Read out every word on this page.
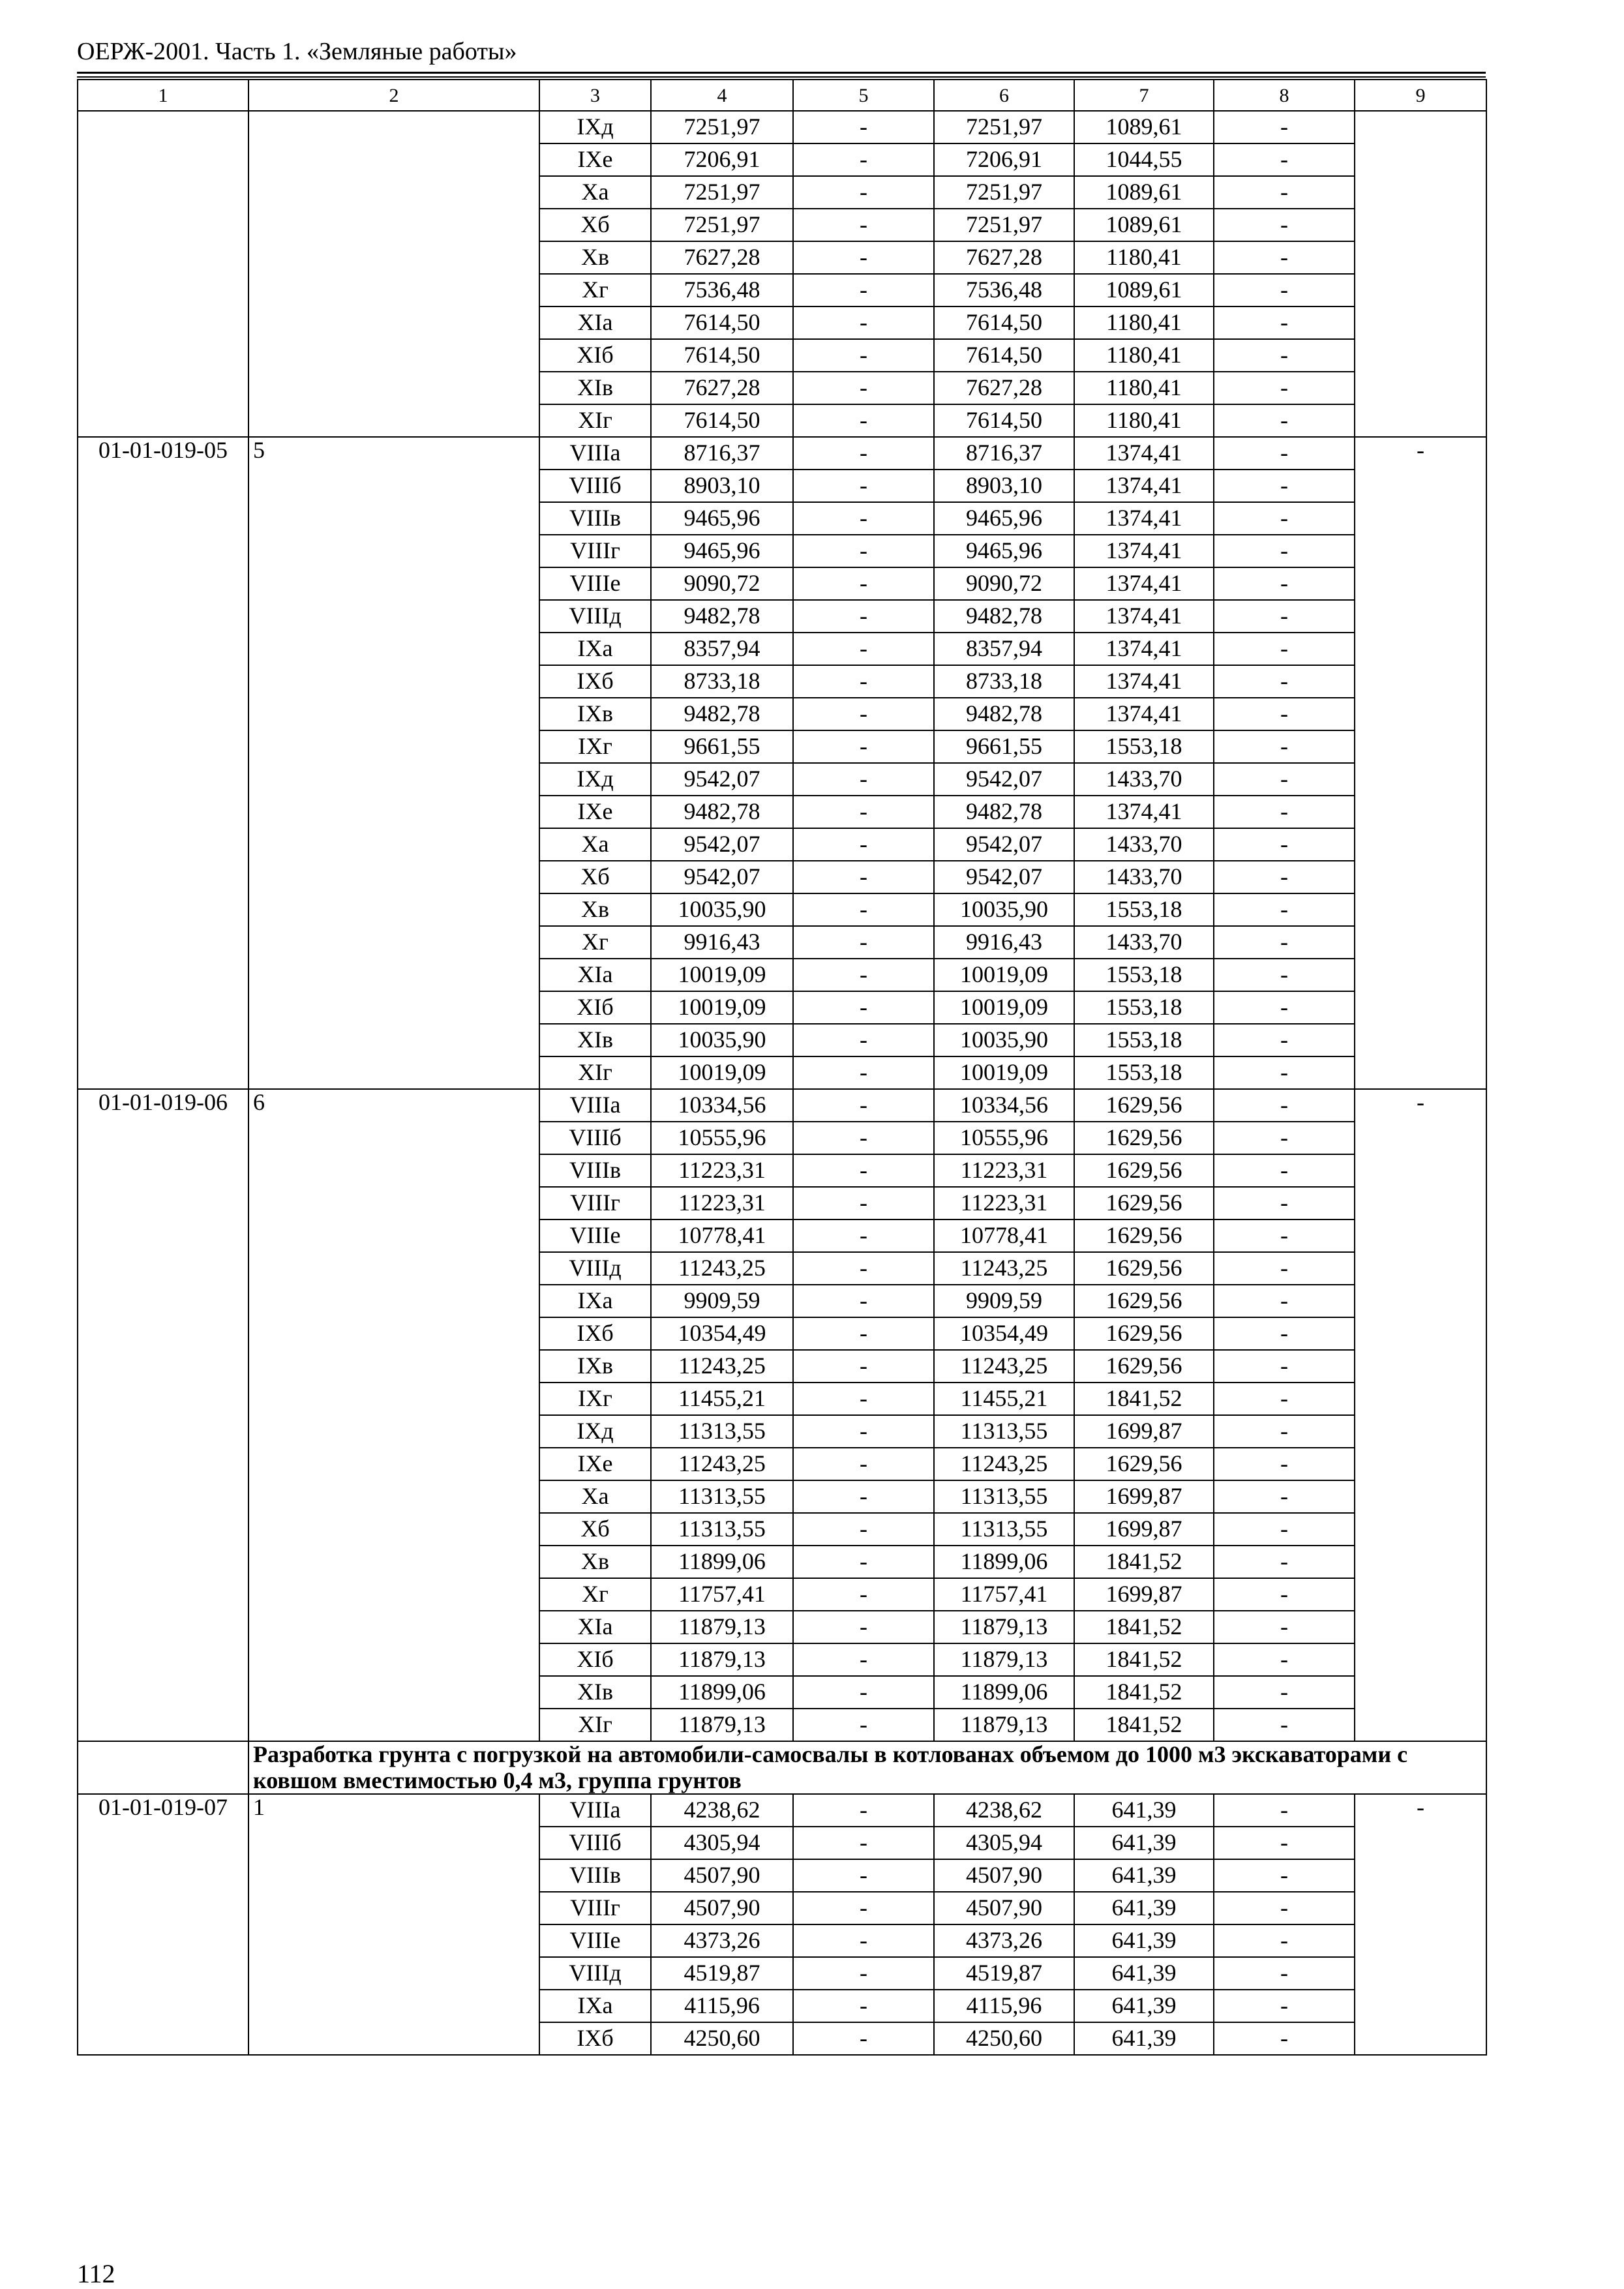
ОЕРЖ-2001. Часть 1. «Земляные работы»
1	2	3	4	5	6	7	8	9
		IXд	7251,97	-	7251,97	1089,61	-	
		IXе	7206,91	-	7206,91	1044,55	-	
		Xа	7251,97	-	7251,97	1089,61	-	
		Xб	7251,97	-	7251,97	1089,61	-	
		Xв	7627,28	-	7627,28	1180,41	-	
		Xг	7536,48	-	7536,48	1089,61	-	
		XIа	7614,50	-	7614,50	1180,41	-	
		XIб	7614,50	-	7614,50	1180,41	-	
		XIв	7627,28	-	7627,28	1180,41	-	
		XIг	7614,50	-	7614,50	1180,41	-	
01-01-019-05	5	VIIIа	8716,37	-	8716,37	1374,41	-	-
		VIIIб	8903,10	-	8903,10	1374,41	-	
		VIIIв	9465,96	-	9465,96	1374,41	-	
		VIIIг	9465,96	-	9465,96	1374,41	-	
		VIIIе	9090,72	-	9090,72	1374,41	-	
		VIIIд	9482,78	-	9482,78	1374,41	-	
		IXа	8357,94	-	8357,94	1374,41	-	
		IXб	8733,18	-	8733,18	1374,41	-	
		IXв	9482,78	-	9482,78	1374,41	-	
		IXг	9661,55	-	9661,55	1553,18	-	
		IXд	9542,07	-	9542,07	1433,70	-	
		IXе	9482,78	-	9482,78	1374,41	-	
		Xа	9542,07	-	9542,07	1433,70	-	
		Xб	9542,07	-	9542,07	1433,70	-	
		Xв	10035,90	-	10035,90	1553,18	-	
		Xг	9916,43	-	9916,43	1433,70	-	
		XIа	10019,09	-	10019,09	1553,18	-	
		XIб	10019,09	-	10019,09	1553,18	-	
		XIв	10035,90	-	10035,90	1553,18	-	
		XIг	10019,09	-	10019,09	1553,18	-	
01-01-019-06	6	VIIIа	10334,56	-	10334,56	1629,56	-	-
		VIIIб	10555,96	-	10555,96	1629,56	-	
		VIIIв	11223,31	-	11223,31	1629,56	-	
		VIIIг	11223,31	-	11223,31	1629,56	-	
		VIIIе	10778,41	-	10778,41	1629,56	-	
		VIIIд	11243,25	-	11243,25	1629,56	-	
		IXа	9909,59	-	9909,59	1629,56	-	
		IXб	10354,49	-	10354,49	1629,56	-	
		IXв	11243,25	-	11243,25	1629,56	-	
		IXг	11455,21	-	11455,21	1841,52	-	
		IXд	11313,55	-	11313,55	1699,87	-	
		IXе	11243,25	-	11243,25	1629,56	-	
		Xа	11313,55	-	11313,55	1699,87	-	
		Xб	11313,55	-	11313,55	1699,87	-	
		Xв	11899,06	-	11899,06	1841,52	-	
		Xг	11757,41	-	11757,41	1699,87	-	
		XIа	11879,13	-	11879,13	1841,52	-	
		XIб	11879,13	-	11879,13	1841,52	-	
		XIв	11899,06	-	11899,06	1841,52	-	
		XIг	11879,13	-	11879,13	1841,52	-	
	Разработка грунта с погрузкой на автомобили-самосвалы в котлованах объемом до 1000 м3 экскаваторами с ковшом вместимостью 0,4 м3, группа грунтов							
01-01-019-07	1	VIIIа	4238,62	-	4238,62	641,39	-	-
		VIIIб	4305,94	-	4305,94	641,39	-	
		VIIIв	4507,90	-	4507,90	641,39	-	
		VIIIг	4507,90	-	4507,90	641,39	-	
		VIIIе	4373,26	-	4373,26	641,39	-	
		VIIIд	4519,87	-	4519,87	641,39	-	
		IXа	4115,96	-	4115,96	641,39	-	
		IXб	4250,60	-	4250,60	641,39	-	
112
